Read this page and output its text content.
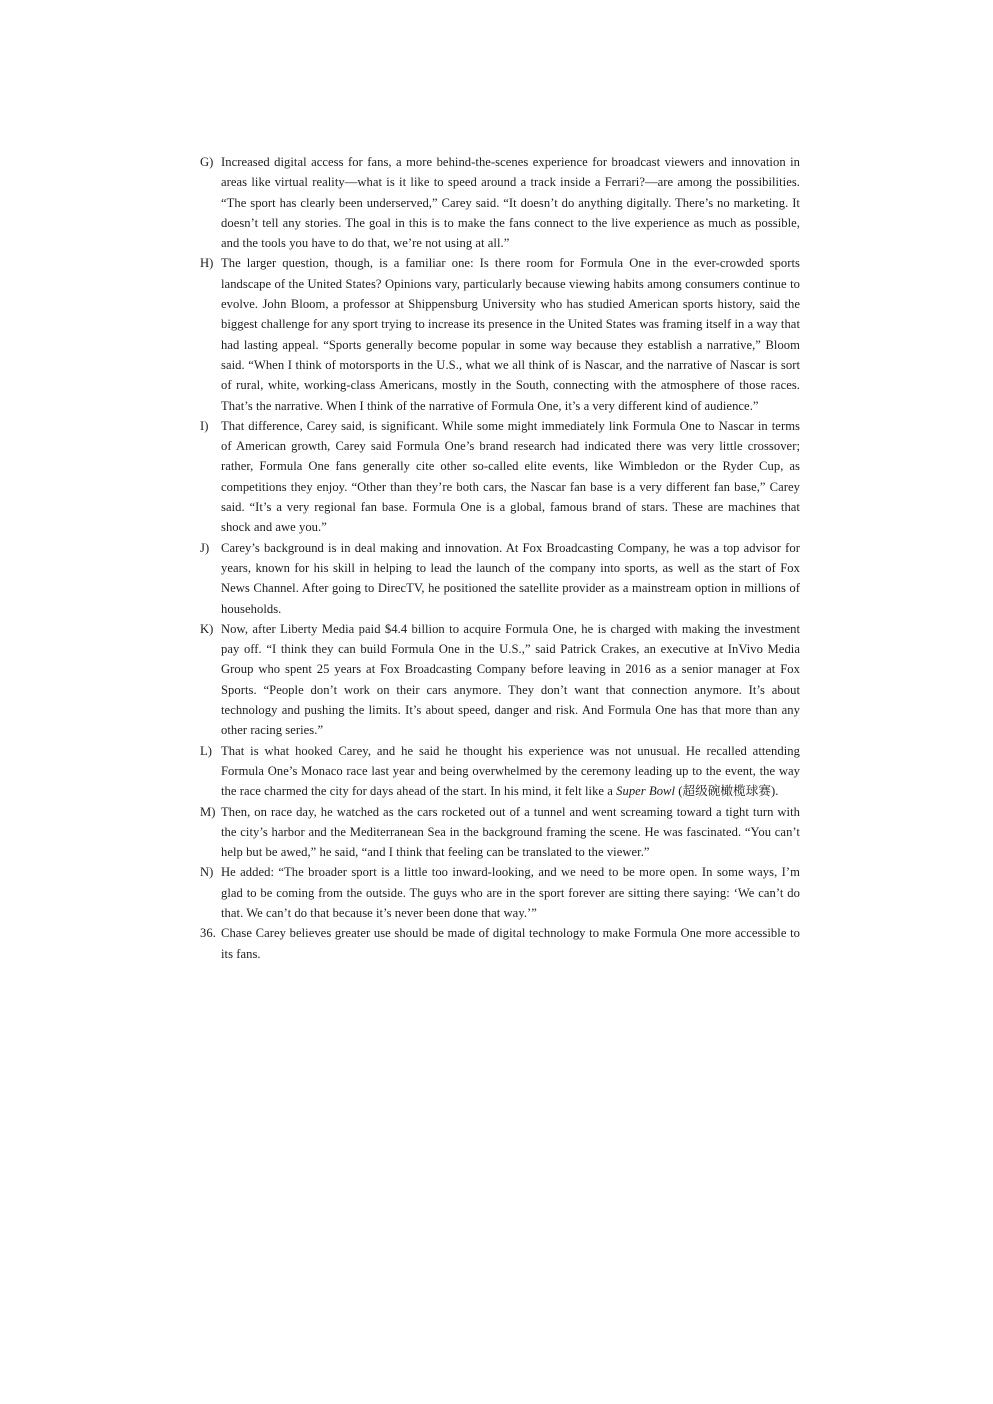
G) Increased digital access for fans, a more behind-the-scenes experience for broadcast viewers and innovation in areas like virtual reality—what is it like to speed around a track inside a Ferrari?—are among the possibilities. “The sport has clearly been underserved,” Carey said. “It doesn’t do anything digitally. There’s no marketing. It doesn’t tell any stories. The goal in this is to make the fans connect to the live experience as much as possible, and the tools you have to do that, we’re not using at all.”
H) The larger question, though, is a familiar one: Is there room for Formula One in the ever-crowded sports landscape of the United States? Opinions vary, particularly because viewing habits among consumers continue to evolve. John Bloom, a professor at Shippensburg University who has studied American sports history, said the biggest challenge for any sport trying to increase its presence in the United States was framing itself in a way that had lasting appeal. “Sports generally become popular in some way because they establish a narrative,” Bloom said. “When I think of motorsports in the U.S., what we all think of is Nascar, and the narrative of Nascar is sort of rural, white, working-class Americans, mostly in the South, connecting with the atmosphere of those races. That’s the narrative. When I think of the narrative of Formula One, it’s a very different kind of audience.”
I) That difference, Carey said, is significant. While some might immediately link Formula One to Nascar in terms of American growth, Carey said Formula One’s brand research had indicated there was very little crossover; rather, Formula One fans generally cite other so-called elite events, like Wimbledon or the Ryder Cup, as competitions they enjoy. “Other than they’re both cars, the Nascar fan base is a very different fan base,” Carey said. “It’s a very regional fan base. Formula One is a global, famous brand of stars. These are machines that shock and awe you.”
J) Carey’s background is in deal making and innovation. At Fox Broadcasting Company, he was a top advisor for years, known for his skill in helping to lead the launch of the company into sports, as well as the start of Fox News Channel. After going to DirecTV, he positioned the satellite provider as a mainstream option in millions of households.
K) Now, after Liberty Media paid $4.4 billion to acquire Formula One, he is charged with making the investment pay off. “I think they can build Formula One in the U.S.,” said Patrick Crakes, an executive at InVivo Media Group who spent 25 years at Fox Broadcasting Company before leaving in 2016 as a senior manager at Fox Sports. “People don’t work on their cars anymore. They don’t want that connection anymore. It’s about technology and pushing the limits. It’s about speed, danger and risk. And Formula One has that more than any other racing series.”
L) That is what hooked Carey, and he said he thought his experience was not unusual. He recalled attending Formula One’s Monaco race last year and being overwhelmed by the ceremony leading up to the event, the way the race charmed the city for days ahead of the start. In his mind, it felt like a Super Bowl (超级碗橄榄球赛).
M) Then, on race day, he watched as the cars rocketed out of a tunnel and went screaming toward a tight turn with the city’s harbor and the Mediterranean Sea in the background framing the scene. He was fascinated. “You can’t help but be awed,” he said, “and I think that feeling can be translated to the viewer.”
N) He added: “The broader sport is a little too inward-looking, and we need to be more open. In some ways, I’m glad to be coming from the outside. The guys who are in the sport forever are sitting there saying: ‘We can’t do that. We can’t do that because it’s never been done that way.’”
36. Chase Carey believes greater use should be made of digital technology to make Formula One more accessible to its fans.
